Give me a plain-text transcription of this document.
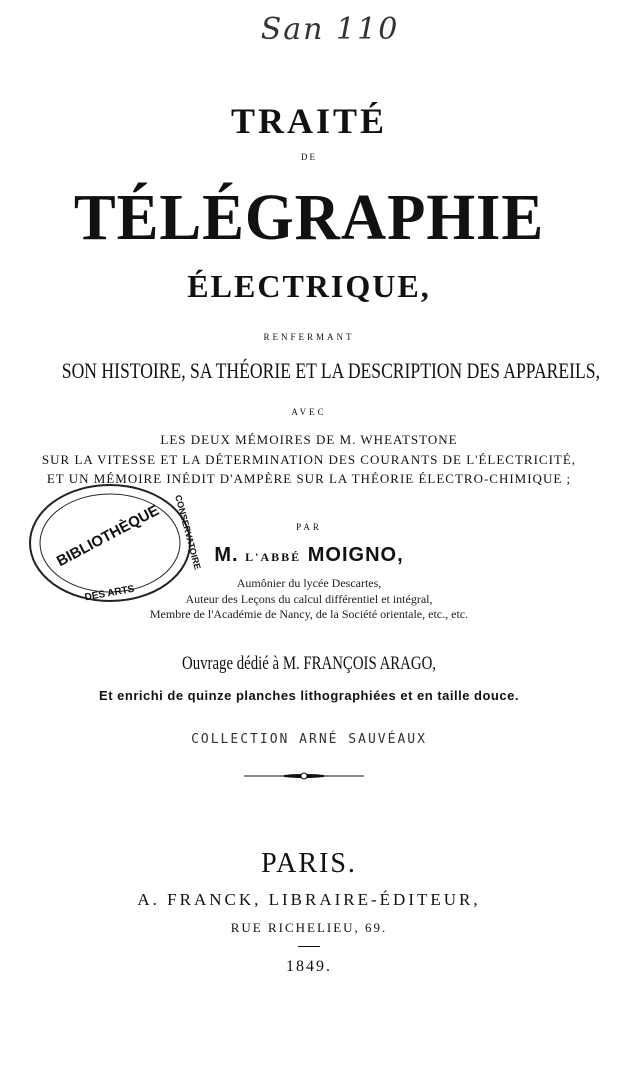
San 110

TRAITÉ

DE

TÉLÉGRAPHIE

ÉLECTRIQUE,

RENFERMANT

SON HISTOIRE, SA THÉORIE ET LA DESCRIPTION DES APPAREILS,

AVEC

LES DEUX MÉMOIRES DE M. WHEATSTONE

SUR LA VITESSE ET LA DÉTERMINATION DES COURANTS DE L'ÉLECTRICITÉ,

ET UN MÉMOIRE INÉDIT D'AMPÈRE SUR LA THÉORIE ÉLECTRO-CHIMIQUE ;

PAR

M. L'ABBÉ MOIGNO,

Aumônier du lycée Descartes,

Auteur des Leçons du calcul différentiel et intégral,

Membre de l'Académie de Nancy, de la Société orientale, etc., etc.

Ouvrage dédié à M. FRANÇOIS ARAGO,

Et enrichi de quinze planches lithographiées et en taille douce.

COLLECTION ARNÉ SAUVÉAUX

PARIS.

A. FRANCK, LIBRAIRE-ÉDITEUR,

RUE RICHELIEU, 69.

1849.

BIBLIOTHÈQUE CONSERVATOIRE
DES ARTS
